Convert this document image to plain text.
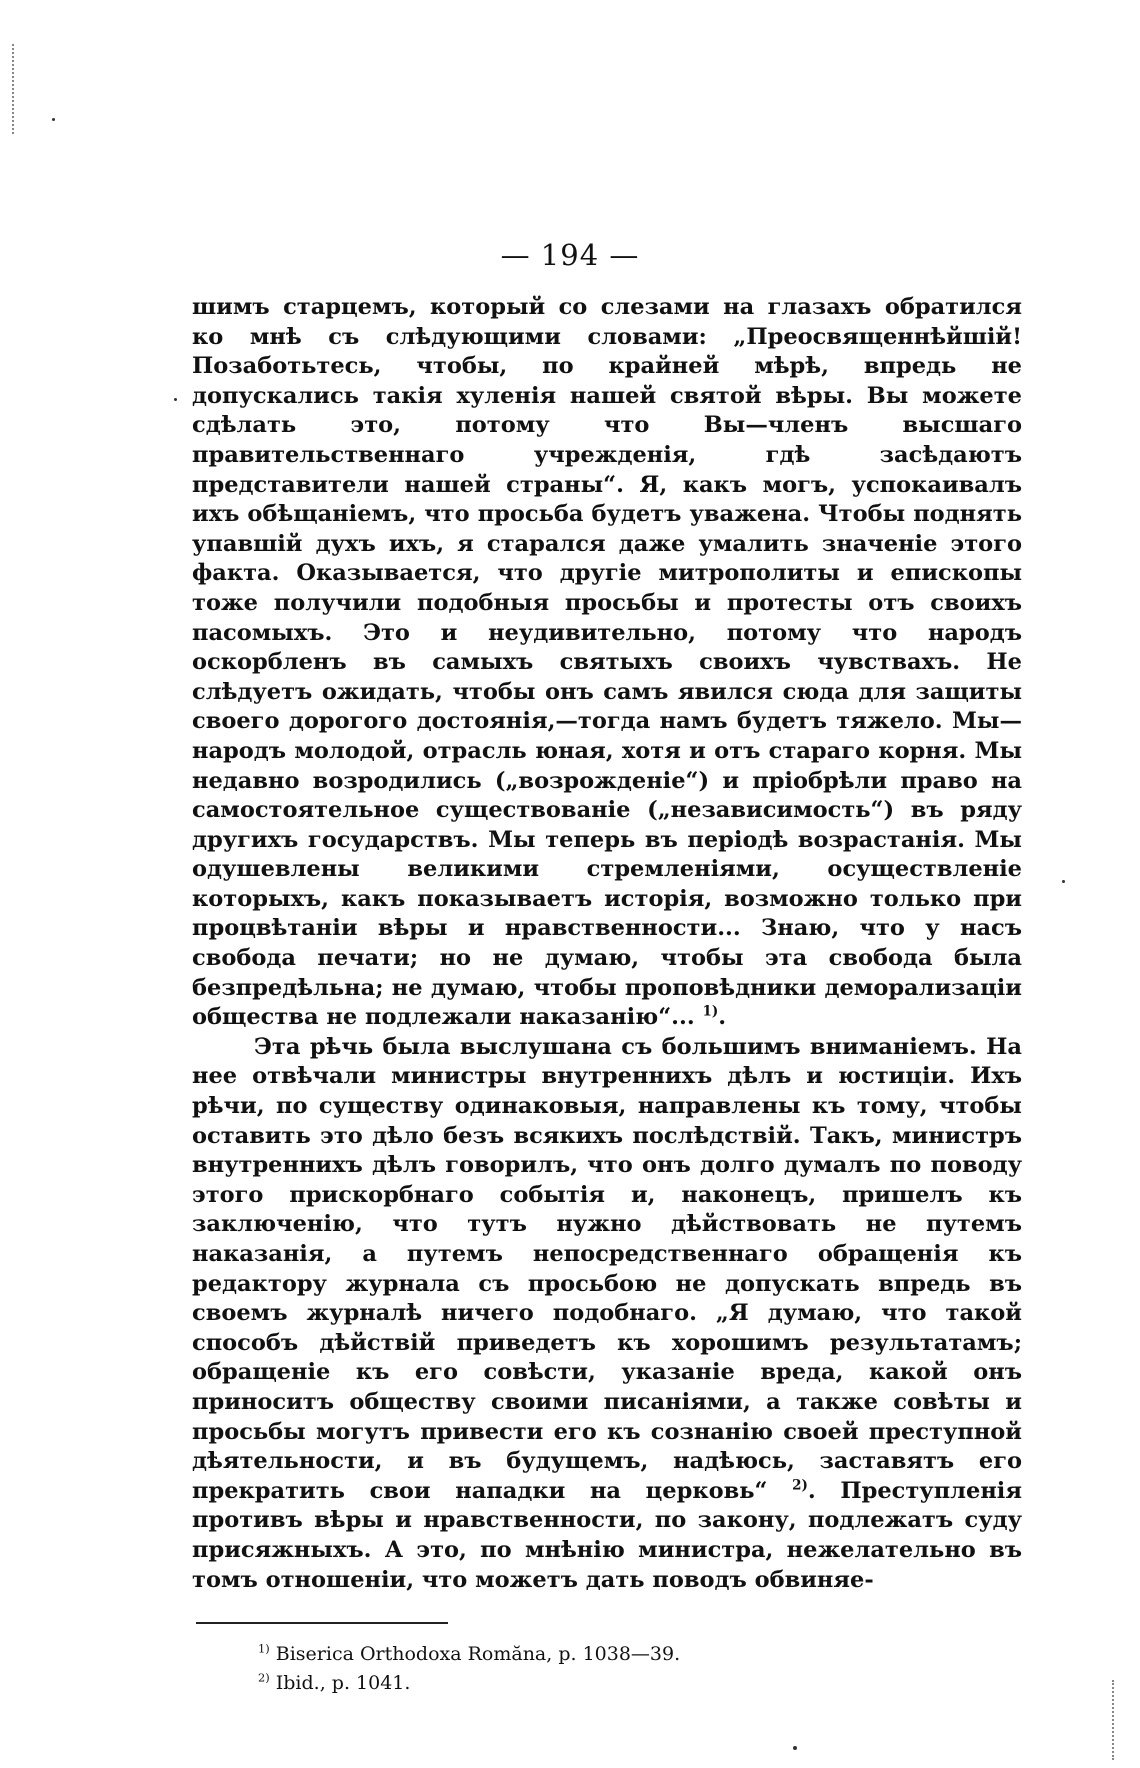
— 194 —

шимъ старцемъ, который со слезами на глазахъ обратился ко мнѣ съ слѣдующими словами: „Преосвященнѣйшій! Позаботьтесь, чтобы, по крайней мѣрѣ, впредь не допускались такія хуленія нашей святой вѣры. Вы можете сдѣлать это, потому что Вы—членъ высшаго правительственнаго учрежденія, гдѣ засѣдаютъ представители нашей страны“. Я, какъ могъ, успокаивалъ ихъ обѣщаніемъ, что просьба будетъ уважена. Чтобы поднять упавшій духъ ихъ, я старался даже умалить значеніе этого факта. Оказывается, что другіе митрополиты и епископы тоже получили подобныя просьбы и протесты отъ своихъ пасомыхъ. Это и неудивительно, потому что народъ оскорбленъ въ самыхъ святыхъ своихъ чувствахъ. Не слѣдуетъ ожидать, чтобы онъ самъ явился сюда для защиты своего дорогого достоянія,—тогда намъ будетъ тяжело. Мы—народъ молодой, отрасль юная, хотя и отъ стараго корня. Мы недавно возродились („возрожденіе“) и пріобрѣли право на самостоятельное существованіе („независимость“) въ ряду другихъ государствъ. Мы теперь въ періодѣ возрастанія. Мы одушевлены великими стремленіями, осуществленіе которыхъ, какъ показываетъ исторія, возможно только при процвѣтаніи вѣры и нравственности... Знаю, что у насъ свобода печати; но не думаю, чтобы эта свобода была безпредѣльна; не думаю, чтобы проповѣдники деморализаціи общества не подлежали наказанію“... $^{1)}$.

Эта рѣчь была выслушана съ большимъ вниманіемъ. На нее отвѣчали министры внутреннихъ дѣлъ и юстиціи. Ихъ рѣчи, по существу одинаковыя, направлены къ тому, чтобы оставить это дѣло безъ всякихъ послѣдствій. Такъ, министръ внутреннихъ дѣлъ говорилъ, что онъ долго думалъ по поводу этого прискорбнаго событія и, наконецъ, пришелъ къ заключенію, что тутъ нужно дѣйствовать не путемъ наказанія, а путемъ непосредственнаго обращенія къ редактору журнала съ просьбою не допускать впредь въ своемъ журналѣ ничего подобнаго. „Я думаю, что такой способъ дѣйствій приведетъ къ хорошимъ результатамъ; обращеніе къ его совѣсти, указаніе вреда, какой онъ приноситъ обществу своими писаніями, а также совѣты и просьбы могутъ привести его къ сознанію своей преступной дѣятельности, и въ будущемъ, надѣюсь, заставятъ его прекратить свои нападки на церковь“ $^{2)}$. Преступленія противъ вѣры и нравственности, по закону, подлежатъ суду присяжныхъ. А это, по мнѣнію министра, нежелательно въ томъ отношеніи, что можетъ дать поводъ обвиняе-

$^{1)}$ Biserica Orthodoxa Romăna, p. 1038—39.

$^{2)}$ Ibid., p. 1041.
